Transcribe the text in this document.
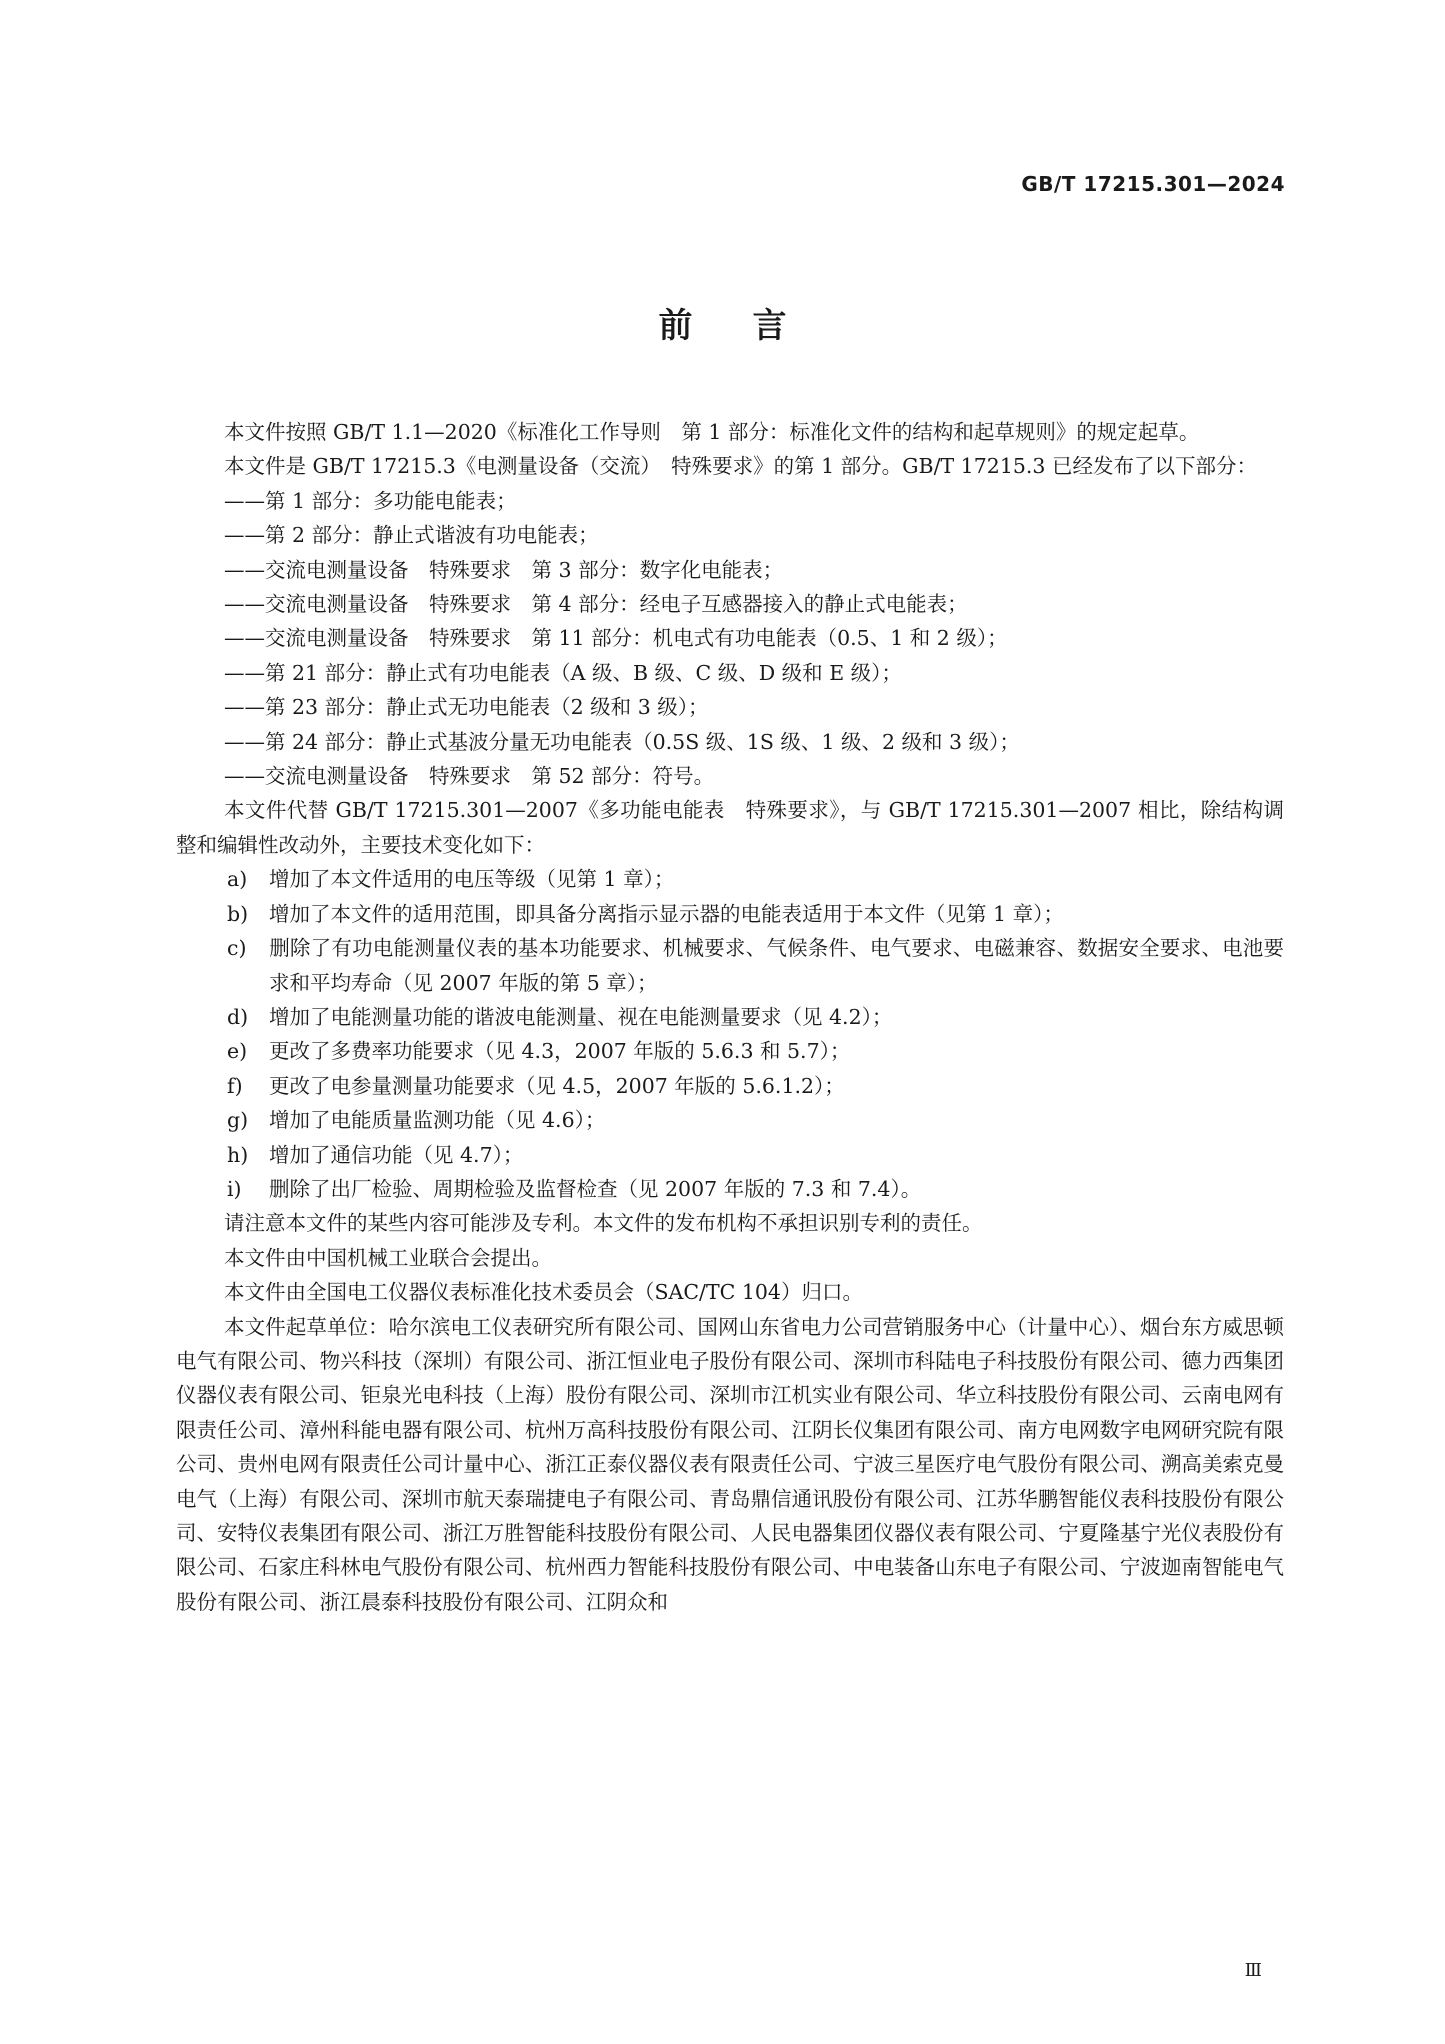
GB/T 17215.301—2024
前言

本文件按照 GB/T 1.1—2020《标准化工作导则　第 1 部分：标准化文件的结构和起草规则》的规定起草。

本文件是 GB/T 17215.3《电测量设备（交流）　特殊要求》的第 1 部分。GB/T 17215.3 已经发布了以下部分：

——第 1 部分：多功能电能表；

——第 2 部分：静止式谐波有功电能表；

——交流电测量设备　特殊要求　第 3 部分：数字化电能表；

——交流电测量设备　特殊要求　第 4 部分：经电子互感器接入的静止式电能表；

——交流电测量设备　特殊要求　第 11 部分：机电式有功电能表（0.5、1 和 2 级）；

——第 21 部分：静止式有功电能表（A 级、B 级、C 级、D 级和 E 级）；

——第 23 部分：静止式无功电能表（2 级和 3 级）；

——第 24 部分：静止式基波分量无功电能表（0.5S 级、1S 级、1 级、2 级和 3 级）；

——交流电测量设备　特殊要求　第 52 部分：符号。

本文件代替 GB/T 17215.301—2007《多功能电能表　特殊要求》，与 GB/T 17215.301—2007 相比，除结构调整和编辑性改动外，主要技术变化如下：

a) 增加了本文件适用的电压等级（见第 1 章）；

b) 增加了本文件的适用范围，即具备分离指示显示器的电能表适用于本文件（见第 1 章）；

c) 删除了有功电能测量仪表的基本功能要求、机械要求、气候条件、电气要求、电磁兼容、数据安全要求、电池要求和平均寿命（见 2007 年版的第 5 章）；

d) 增加了电能测量功能的谐波电能测量、视在电能测量要求（见 4.2）；

e) 更改了多费率功能要求（见 4.3，2007 年版的 5.6.3 和 5.7）；

f) 更改了电参量测量功能要求（见 4.5，2007 年版的 5.6.1.2）；

g) 增加了电能质量监测功能（见 4.6）；

h) 增加了通信功能（见 4.7）；

i) 删除了出厂检验、周期检验及监督检查（见 2007 年版的 7.3 和 7.4）。

请注意本文件的某些内容可能涉及专利。本文件的发布机构不承担识别专利的责任。

本文件由中国机械工业联合会提出。

本文件由全国电工仪器仪表标准化技术委员会（SAC/TC 104）归口。

本文件起草单位：哈尔滨电工仪表研究所有限公司、国网山东省电力公司营销服务中心（计量中心）、烟台东方威思顿电气有限公司、物兴科技（深圳）有限公司、浙江恒业电子股份有限公司、深圳市科陆电子科技股份有限公司、德力西集团仪器仪表有限公司、钜泉光电科技（上海）股份有限公司、深圳市江机实业有限公司、华立科技股份有限公司、云南电网有限责任公司、漳州科能电器有限公司、杭州万高科技股份有限公司、江阴长仪集团有限公司、南方电网数字电网研究院有限公司、贵州电网有限责任公司计量中心、浙江正泰仪器仪表有限责任公司、宁波三星医疗电气股份有限公司、溯高美索克曼电气（上海）有限公司、深圳市航天泰瑞捷电子有限公司、青岛鼎信通讯股份有限公司、江苏华鹏智能仪表科技股份有限公司、安特仪表集团有限公司、浙江万胜智能科技股份有限公司、人民电器集团仪器仪表有限公司、宁夏隆基宁光仪表股份有限公司、石家庄科林电气股份有限公司、杭州西力智能科技股份有限公司、中电装备山东电子有限公司、宁波迦南智能电气股份有限公司、浙江晨泰科技股份有限公司、江阴众和

Ⅲ
